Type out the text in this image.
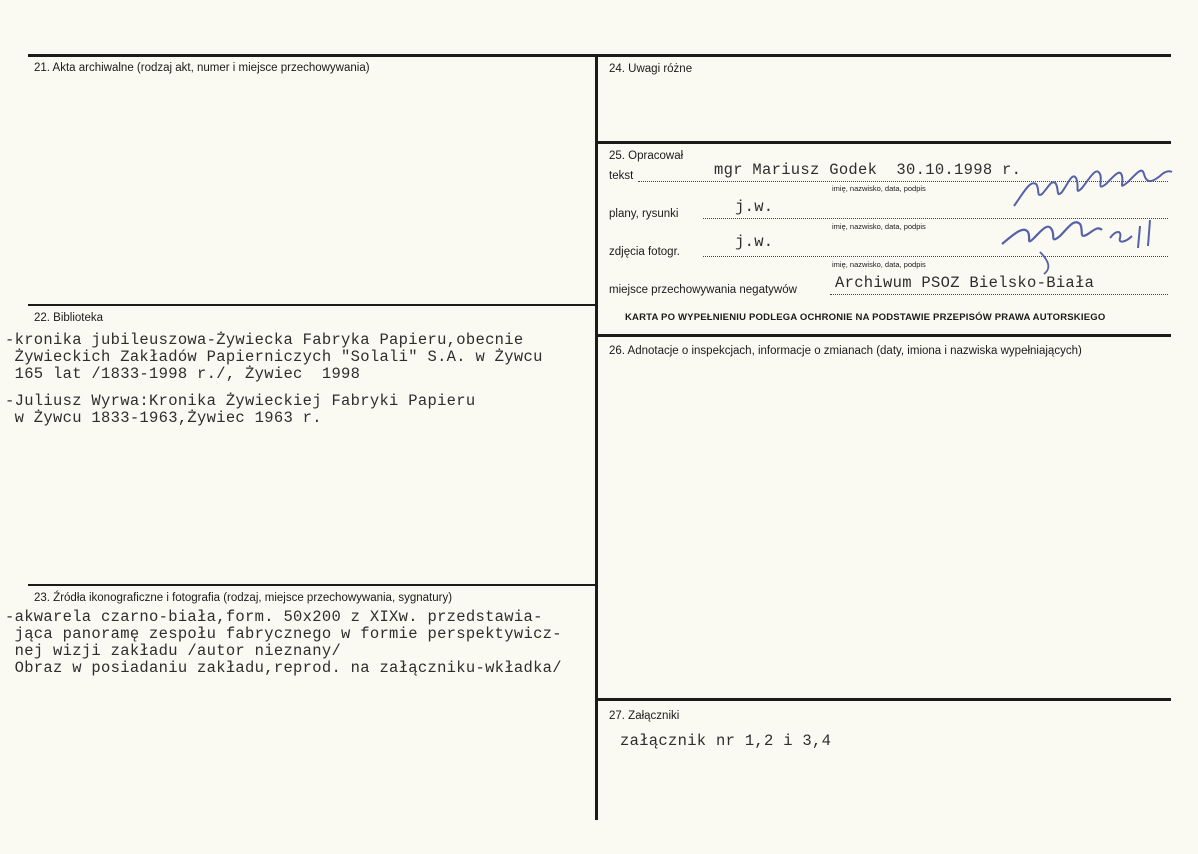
21. Akta archiwalne (rodzaj akt, numer i miejsce przechowywania)
22. Biblioteka
-kronika jubileuszowa-Żywiecka Fabryka Papieru,obecnie
Żywieckich Zakładów Papierniczych "Solali" S.A. w Żywcu
165 lat /1833-1998 r./, Żywiec  1998
-Juliusz Wyrwa:Kronika Żywieckiej Fabryki Papieru
w Żywcu 1833-1963,Żywiec 1963 r.
23. Źródła ikonograficzne i fotografia (rodzaj, miejsce przechowywania, sygnatury)
-akwarela czarno-biała,form. 50x200 z XIXw. przedstawia-
jąca panoramę zespołu fabrycznego w formie perspektywicz-
nej wizji zakładu /autor nieznany/
Obraz w posiadaniu zakładu,reprod. na załączniku-wkładka/
24. Uwagi różne
25. Opracował
tekst	mgr Mariusz Godek  30.10.1998 r.
imię, nazwisko, data, podpis
plany, rysunki	j.w.
imię, nazwisko, data, podpis
zdjęcia fotogr.
j.w.
imię, nazwisko, data, podpis
miejsce przechowywania negatywów Archiwum PSOZ Bielsko-Biała
KARTA PO WYPEŁNIENIU PODLEGA OCHRONIE NA PODSTAWIE PRZEPISÓW PRAWA AUTORSKIEGO
26. Adnotacje o inspekcjach, informacje o zmianach (daty, imiona i nazwiska wypełniających)
27. Załączniki
załącznik nr 1,2 i 3,4
